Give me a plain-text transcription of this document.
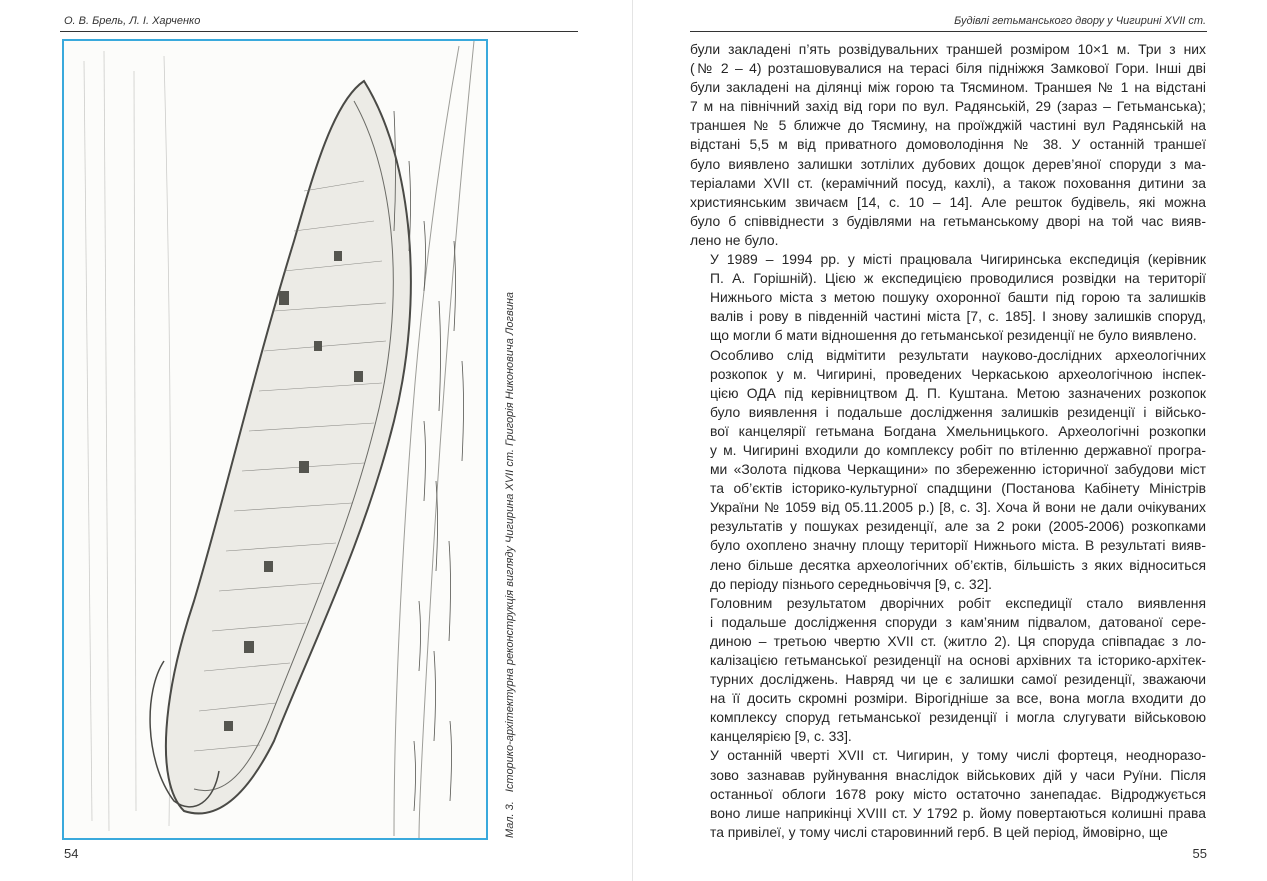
О. В. Брель, Л. І. Харченко
Мал. 3. Історико-архітектурна реконструкція вигляду Чигирина XVII ст. Григорія Никоновича Логвина
54
Будівлі гетьманського двору у Чигирині XVII ст.

були закладені п’ять розвідувальних траншей розміром 10×1 м. Три з них
(№ 2 – 4) розташовувалися на терасі біля підніжжя Замкової Гори. Інші дві
були закладені на ділянці між горою та Тясмином. Траншея № 1 на відстані
7 м на північний захід від гори по вул. Радянській, 29 (зараз – Гетьманська);
траншея № 5 ближче до Тясмину, на проїжджій частині вул Радянській на
відстані 5,5 м від приватного домоволодіння № 38. У останній траншеї
було виявлено залишки зотлілих дубових дощок дерев’яної споруди з ма-
теріалами XVII ст. (керамічний посуд, кахлі), а також поховання дитини за
християнським звичаєм [14, с. 10 – 14]. Але решток будівель, які можна
було б співвіднести з будівлями на гетьманському дворі на той час вияв-
лено не було.

У 1989 – 1994 рр. у місті працювала Чигиринська експедиція (керівник
П. А. Горішній). Цією ж експедицією проводилися розвідки на території
Нижнього міста з метою пошуку охоронної башти під горою та залишків
валів і рову в південній частині міста [7, с. 185]. І знову залишків споруд,
що могли б мати відношення до гетьманської резиденції не було виявлено.

Особливо слід відмітити результати науково-дослідних археологічних
розкопок у м. Чигирині, проведених Черкаською археологічною інспек-
цією ОДА під керівництвом Д. П. Куштана. Метою зазначених розкопок
було виявлення і подальше дослідження залишків резиденції і військо-
вої канцелярії гетьмана Богдана Хмельницького. Археологічні розкопки
у м. Чигирині входили до комплексу робіт по втіленню державної програ-
ми «Золота підкова Черкащини» по збереженню історичної забудови міст
та об’єктів історико-культурної спадщини (Постанова Кабінету Міністрів
України № 1059 від 05.11.2005 р.) [8, с. 3]. Хоча й вони не дали очікуваних
результатів у пошуках резиденції, але за 2 роки (2005-2006) розкопками
було охоплено значну площу території Нижнього міста. В результаті вияв-
лено більше десятка археологічних об’єктів, більшість з яких відноситься
до періоду пізнього середньовіччя [9, с. 32].

Головним результатом дворічних робіт експедиції стало виявлення
і подальше дослідження споруди з кам’яним підвалом, датованої сере-
диною – третьою чвертю XVII ст. (житло 2). Ця споруда співпадає з ло-
калізацією гетьманської резиденції на основі архівних та історико-архітек-
турних досліджень. Навряд чи це є залишки самої резиденції, зважаючи
на її досить скромні розміри. Вірогідніше за все, вона могла входити до
комплексу споруд гетьманської резиденції і могла слугувати військовою
канцелярією [9, с. 33].

У останній чверті XVII ст. Чигирин, у тому числі фортеця, неодноразо-
зово зазнавав руйнування внаслідок військових дій у часи Руїни. Після
останньої облоги 1678 року місто остаточно занепадає. Відроджується
воно лише наприкінці XVIII ст. У 1792 р. йому повертаються колишні права
та привілеї, у тому числі старовинний герб. В цей період, ймовірно, ще

55
